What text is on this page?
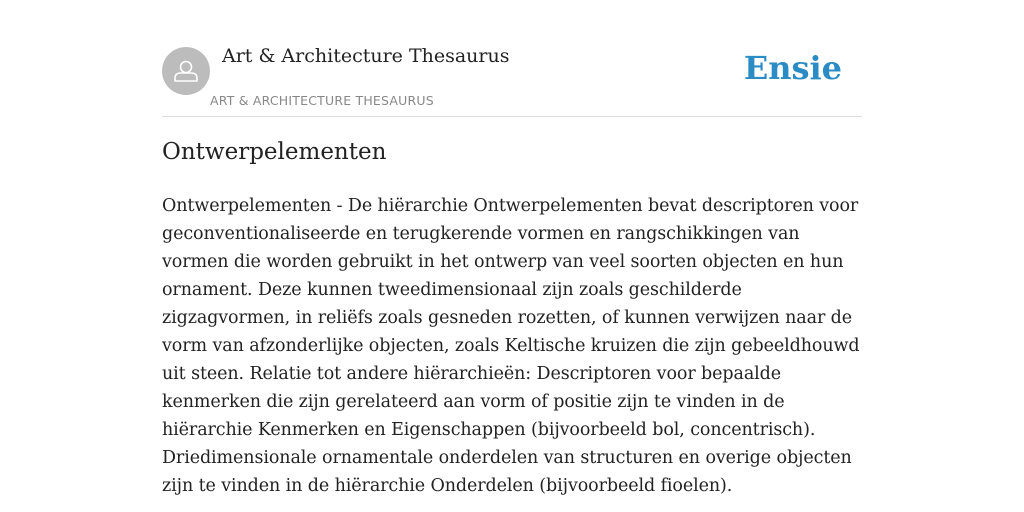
Art & Architecture Thesaurus
ART & ARCHITECTURE THESAURUS
Ensie
Ontwerpelementen

Ontwerpelementen - De hiërarchie Ontwerpelementen bevat descriptoren voor geconventionaliseerde en terugkerende vormen en rangschikkingen van vormen die worden gebruikt in het ontwerp van veel soorten objecten en hun ornament. Deze kunnen tweedimensionaal zijn zoals geschilderde zigzagvormen, in reliëfs zoals gesneden rozetten, of kunnen verwijzen naar de vorm van afzonderlijke objecten, zoals Keltische kruizen die zijn gebeeldhouwd uit steen. Relatie tot andere hiërarchieën: Descriptoren voor bepaalde kenmerken die zijn gerelateerd aan vorm of positie zijn te vinden in de hiërarchie Kenmerken en Eigenschappen (bijvoorbeeld bol, concentrisch). Driedimensionale ornamentale onderdelen van structuren en overige objecten zijn te vinden in de hiërarchie Onderdelen (bijvoorbeeld fioelen).
